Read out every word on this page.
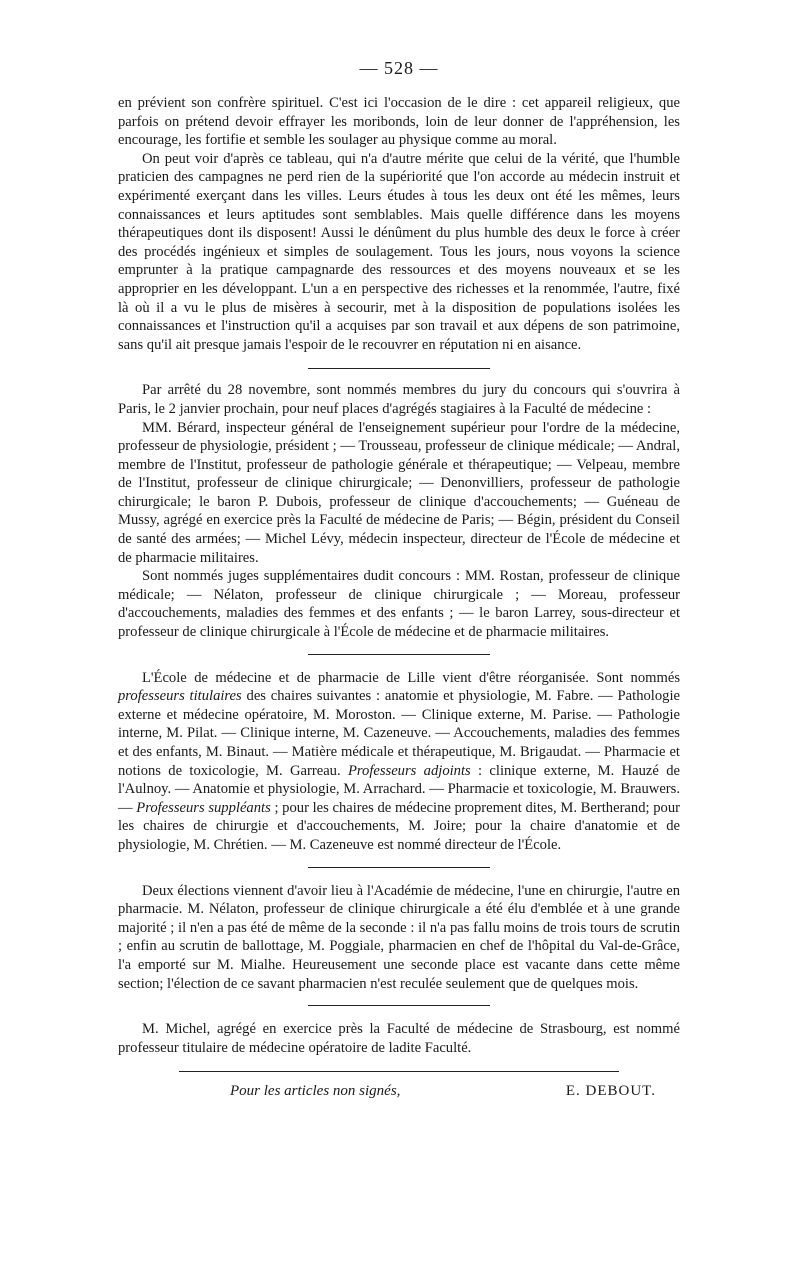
— 528 —

en prévient son confrère spirituel. C'est ici l'occasion de le dire : cet appareil religieux, que parfois on prétend devoir effrayer les moribonds, loin de leur donner de l'appréhension, les encourage, les fortifie et semble les soulager au physique comme au moral.

On peut voir d'après ce tableau, qui n'a d'autre mérite que celui de la vérité, que l'humble praticien des campagnes ne perd rien de la supériorité que l'on accorde au médecin instruit et expérimenté exerçant dans les villes. Leurs études à tous les deux ont été les mêmes, leurs connaissances et leurs aptitudes sont semblables. Mais quelle différence dans les moyens thérapeutiques dont ils disposent! Aussi le dénûment du plus humble des deux le force à créer des procédés ingénieux et simples de soulagement. Tous les jours, nous voyons la science emprunter à la pratique campagnarde des ressources et des moyens nouveaux et se les approprier en les développant. L'un a en perspective des richesses et la renommée, l'autre, fixé là où il a vu le plus de misères à secourir, met à la disposition de populations isolées les connaissances et l'instruction qu'il a acquises par son travail et aux dépens de son patrimoine, sans qu'il ait presque jamais l'espoir de le recouvrer en réputation ni en aisance.

Par arrêté du 28 novembre, sont nommés membres du jury du concours qui s'ouvrira à Paris, le 2 janvier prochain, pour neuf places d'agrégés stagiaires à la Faculté de médecine :

MM. Bérard, inspecteur général de l'enseignement supérieur pour l'ordre de la médecine, professeur de physiologie, président ; — Trousseau, professeur de clinique médicale; — Andral, membre de l'Institut, professeur de pathologie générale et thérapeutique; — Velpeau, membre de l'Institut, professeur de clinique chirurgicale; — Denonvilliers, professeur de pathologie chirurgicale; le baron P. Dubois, professeur de clinique d'accouchements; — Guéneau de Mussy, agrégé en exercice près la Faculté de médecine de Paris; — Bégin, président du Conseil de santé des armées; — Michel Lévy, médecin inspecteur, directeur de l'École de médecine et de pharmacie militaires.

Sont nommés juges supplémentaires dudit concours : MM. Rostan, professeur de clinique médicale; — Nélaton, professeur de clinique chirurgicale ; — Moreau, professeur d'accouchements, maladies des femmes et des enfants ; — le baron Larrey, sous-directeur et professeur de clinique chirurgicale à l'École de médecine et de pharmacie militaires.

L'École de médecine et de pharmacie de Lille vient d'être réorganisée. Sont nommés professeurs titulaires des chaires suivantes : anatomie et physiologie, M. Fabre. — Pathologie externe et médecine opératoire, M. Moroston. — Clinique externe, M. Parise. — Pathologie interne, M. Pilat. — Clinique interne, M. Cazeneuve. — Accouchements, maladies des femmes et des enfants, M. Binaut. — Matière médicale et thérapeutique, M. Brigaudat. — Pharmacie et notions de toxicologie, M. Garreau. Professeurs adjoints : clinique externe, M. Hauzé de l'Aulnoy. — Anatomie et physiologie, M. Arrachard. — Pharmacie et toxicologie, M. Brauwers. — Professeurs suppléants ; pour les chaires de médecine proprement dites, M. Bertherand; pour les chaires de chirurgie et d'accouchements, M. Joire; pour la chaire d'anatomie et de physiologie, M. Chrétien. — M. Cazeneuve est nommé directeur de l'École.

Deux élections viennent d'avoir lieu à l'Académie de médecine, l'une en chirurgie, l'autre en pharmacie. M. Nélaton, professeur de clinique chirurgicale a été élu d'emblée et à une grande majorité ; il n'en a pas été de même de la seconde : il n'a pas fallu moins de trois tours de scrutin ; enfin au scrutin de ballottage, M. Poggiale, pharmacien en chef de l'hôpital du Val-de-Grâce, l'a emporté sur M. Mialhe. Heureusement une seconde place est vacante dans cette même section; l'élection de ce savant pharmacien n'est reculée seulement que de quelques mois.

M. Michel, agrégé en exercice près la Faculté de médecine de Strasbourg, est nommé professeur titulaire de médecine opératoire de ladite Faculté.

Pour les articles non signés,	E. DEBOUT.
